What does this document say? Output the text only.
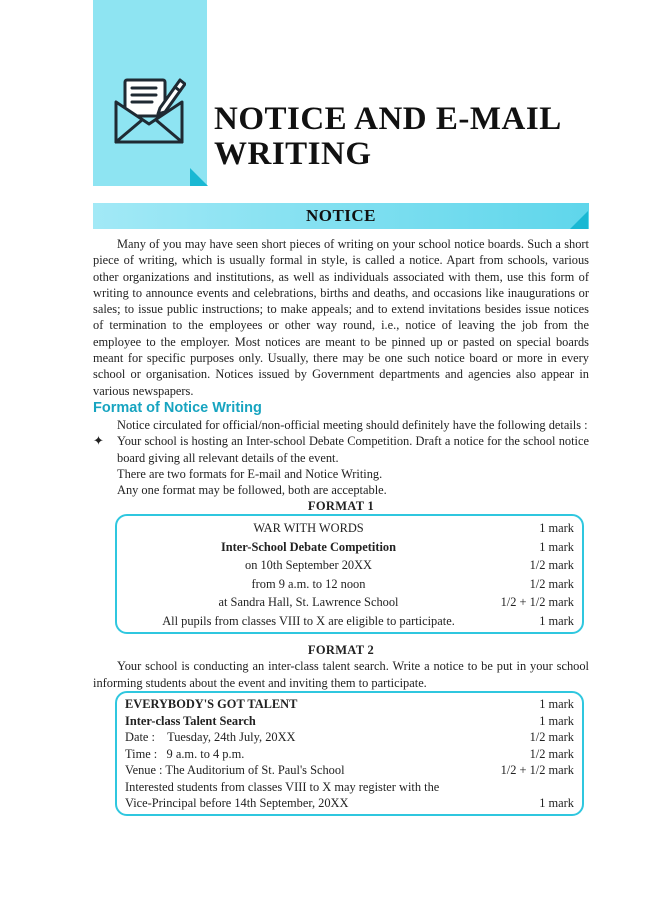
NOTICE AND E-MAIL
WRITING
NOTICE

Many of you may have seen short pieces of writing on your school notice boards. Such a short piece of writing, which is usually formal in style, is called a notice. Apart from schools, various other organizations and institutions, as well as individuals associated with them, use this form of writing to announce events and celebrations, births and deaths, and occasions like inaugurations or sales; to issue public instructions; to make appeals; and to extend invitations besides issue notices of termination to the employees or other way round, i.e., notice of leaving the job from the employee to the employer. Most notices are meant to be pinned up or pasted on special boards meant for specific purposes only. Usually, there may be one such notice board or more in every school or organisation. Notices issued by Government departments and agencies also appear in various newspapers.

Format of Notice Writing

Notice circulated for official/non-official meeting should definitely have the following details :

✦	Your school is hosting an Inter-school Debate Competition. Draft a notice for the school notice board giving all relevant details of the event.
There are two formats for E-mail and Notice Writing.
Any one format may be followed, both are acceptable.
FORMAT 1
WAR WITH WORDS	1 mark
Inter-School Debate Competition	1 mark
on 10th September 20XX	1/2 mark
from 9 a.m. to 12 noon	1/2 mark
at Sandra Hall, St. Lawrence School	1/2 + 1/2 mark
All pupils from classes VIII to X are eligible to participate.	1 mark
FORMAT 2

Your school is conducting an inter-class talent search. Write a notice to be put in your school informing students about the event and inviting them to participate.

EVERYBODY'S GOT TALENT	1 mark
Inter-class Talent Search	1 mark
Date :    Tuesday, 24th July, 20XX	1/2 mark
Time :   9 a.m. to 4 p.m.	1/2 mark
Venue : The Auditorium of St. Paul's School	1/2 + 1/2 mark
Interested students from classes VIII to X may register with the
Vice-Principal before 14th September, 20XX	1 mark
